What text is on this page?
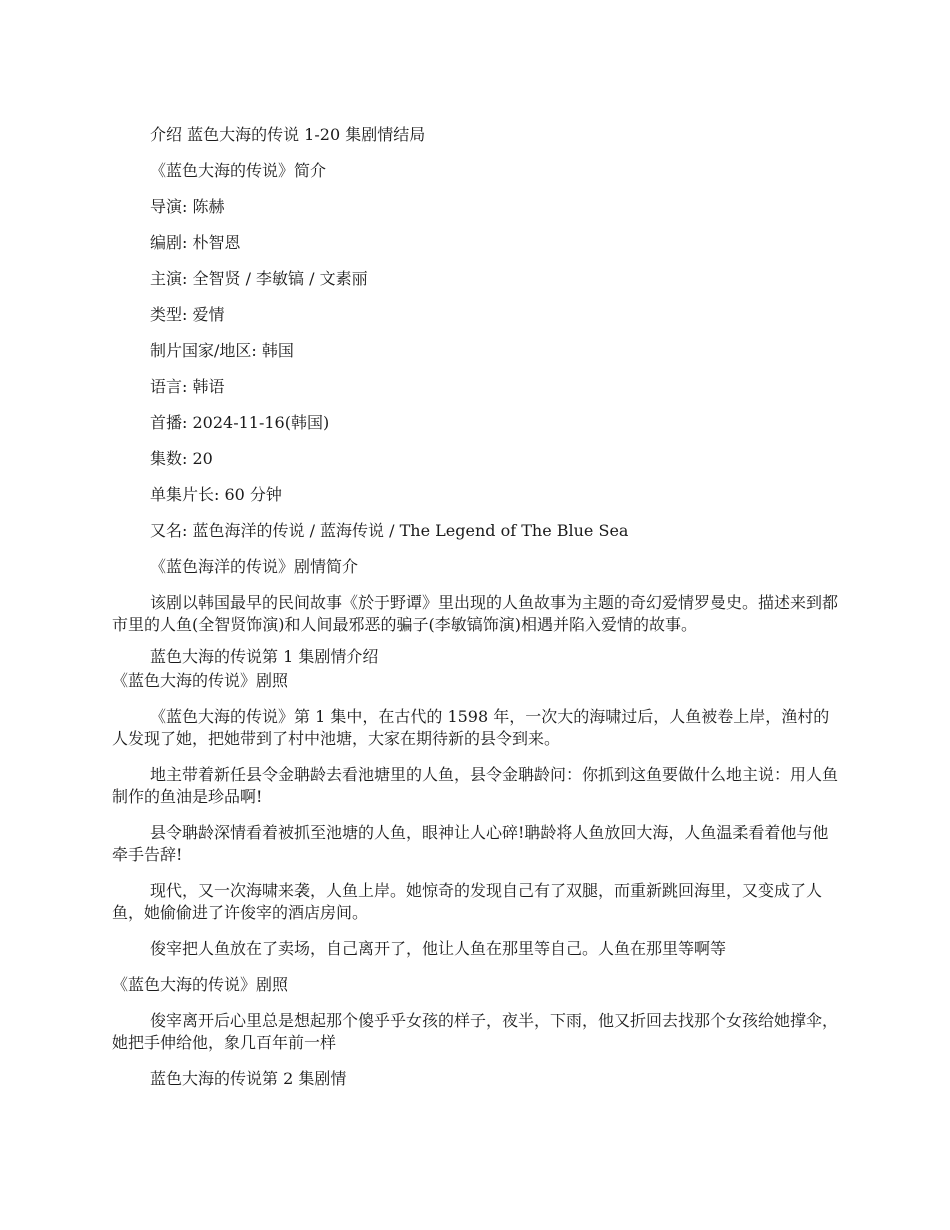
介绍 蓝色大海的传说 1-20 集剧情结局

《蓝色大海的传说》简介

导演: 陈赫

编剧: 朴智恩

主演: 全智贤 / 李敏镐 / 文素丽

类型: 爱情

制片国家/地区: 韩国

语言: 韩语

首播: 2024-11-16(韩国)

集数: 20

单集片长: 60 分钟

又名: 蓝色海洋的传说 / 蓝海传说 / The Legend of The Blue Sea

《蓝色海洋的传说》剧情简介

该剧以韩国最早的民间故事《於于野谭》里出现的人鱼故事为主题的奇幻爱情罗曼史。描述来到都市里的人鱼(全智贤饰演)和人间最邪恶的骗子(李敏镐饰演)相遇并陷入爱情的故事。

蓝色大海的传说第 1 集剧情介绍

《蓝色大海的传说》剧照

《蓝色大海的传说》第 1 集中，在古代的 1598 年，一次大的海啸过后，人鱼被卷上岸，渔村的人发现了她，把她带到了村中池塘，大家在期待新的县令到来。

地主带着新任县令金聃龄去看池塘里的人鱼，县令金聃龄问：你抓到这鱼要做什么地主说：用人鱼制作的鱼油是珍品啊!

县令聃龄深情看着被抓至池塘的人鱼，眼神让人心碎!聃龄将人鱼放回大海，人鱼温柔看着他与他牵手告辞!

现代，又一次海啸来袭，人鱼上岸。她惊奇的发现自己有了双腿，而重新跳回海里，又变成了人鱼，她偷偷进了许俊宰的酒店房间。

俊宰把人鱼放在了卖场，自己离开了，他让人鱼在那里等自己。人鱼在那里等啊等

《蓝色大海的传说》剧照

俊宰离开后心里总是想起那个傻乎乎女孩的样子，夜半，下雨，他又折回去找那个女孩给她撑伞，她把手伸给他，象几百年前一样

蓝色大海的传说第 2 集剧情
